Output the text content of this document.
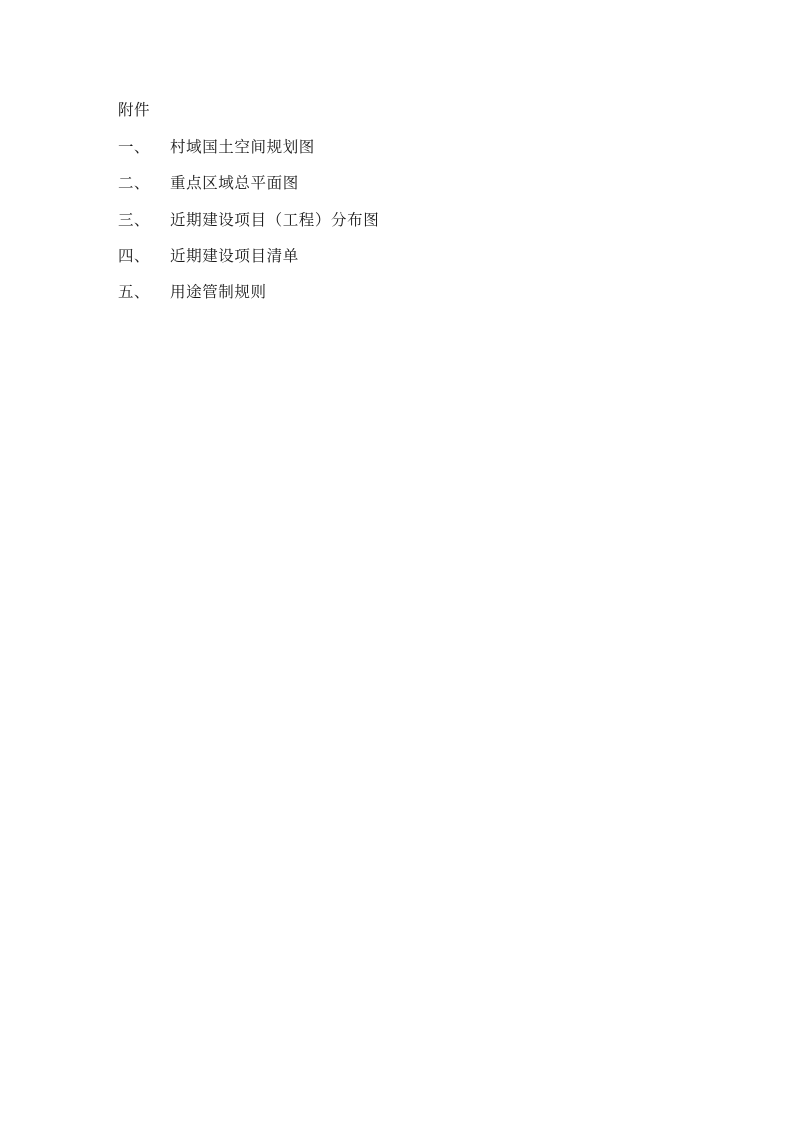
附件

一、	村域国土空间规划图
二、	重点区域总平面图
三、	近期建设项目（工程）分布图
四、	近期建设项目清单
五、	用途管制规则
